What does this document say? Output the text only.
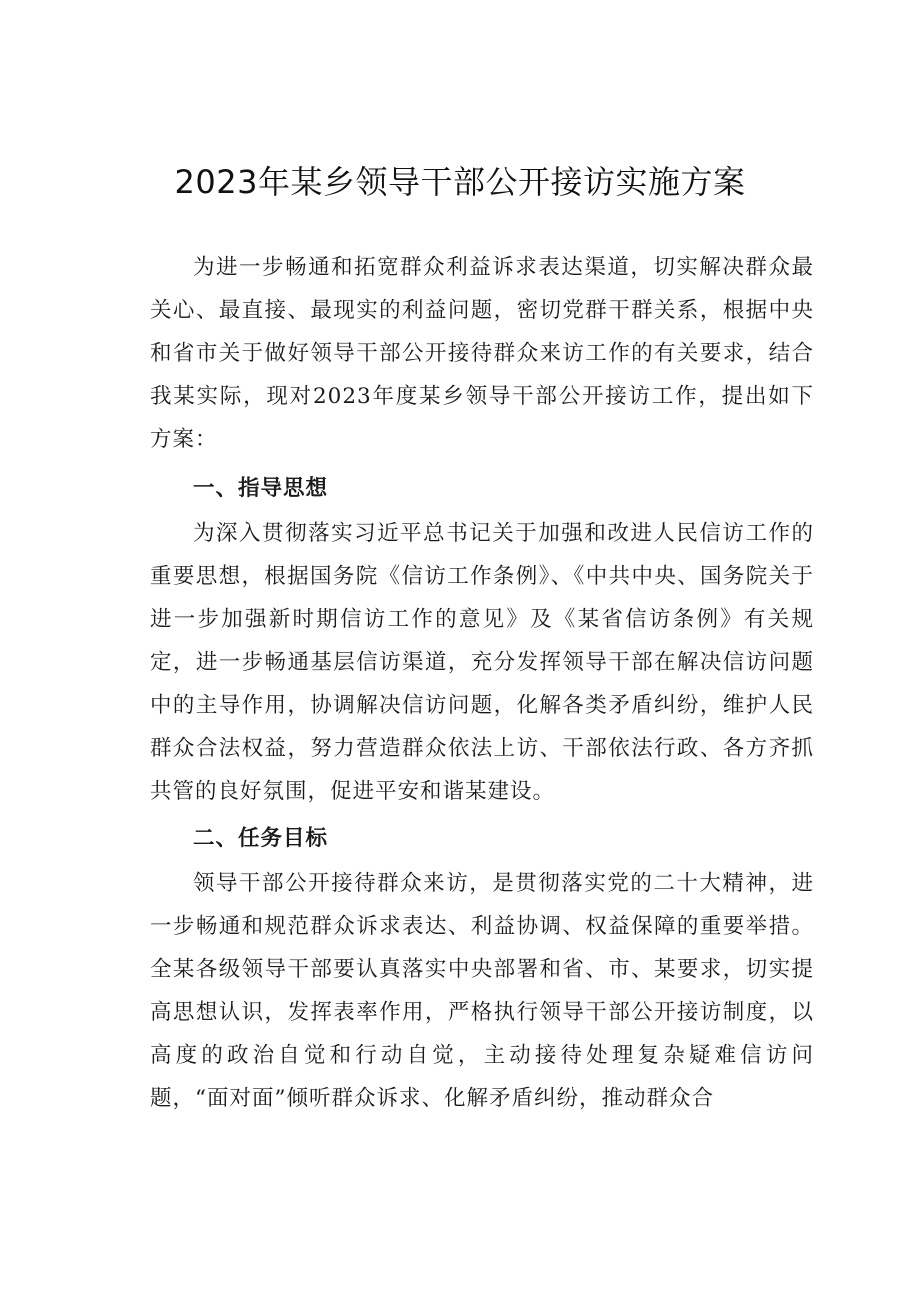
2023年某乡领导干部公开接访实施方案

为进一步畅通和拓宽群众利益诉求表达渠道，切实解决群众最关心、最直接、最现实的利益问题，密切党群干群关系，根据中央和省市关于做好领导干部公开接待群众来访工作的有关要求，结合我某实际，现对2023年度某乡领导干部公开接访工作，提出如下方案：

一、指导思想

为深入贯彻落实习近平总书记关于加强和改进人民信访工作的重要思想，根据国务院《信访工作条例》、《中共中央、国务院关于进一步加强新时期信访工作的意见》及《某省信访条例》有关规定，进一步畅通基层信访渠道，充分发挥领导干部在解决信访问题中的主导作用，协调解决信访问题，化解各类矛盾纠纷，维护人民群众合法权益，努力营造群众依法上访、干部依法行政、各方齐抓共管的良好氛围，促进平安和谐某建设。

二、任务目标

领导干部公开接待群众来访，是贯彻落实党的二十大精神，进一步畅通和规范群众诉求表达、利益协调、权益保障的重要举措。全某各级领导干部要认真落实中央部署和省、市、某要求，切实提高思想认识，发挥表率作用，严格执行领导干部公开接访制度，以高度的政治自觉和行动自觉，主动接待处理复杂疑难信访问题，“面对面”倾听群众诉求、化解矛盾纠纷，推动群众合
